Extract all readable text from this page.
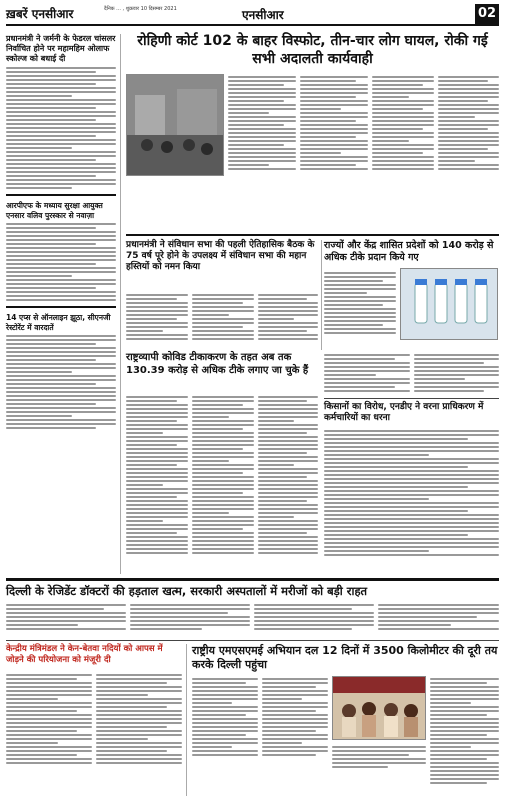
ख़बरें एनसीआर	दैनिक ... , शुक्रवार 10 दिसम्बर 2021	एनसीआर	02
प्रधानमंत्री ने जर्मनी के फेडरल चांसलर निर्वाचित होने पर महामहिम ओलाफ स्कोल्ज को बधाई दी
आरपीएफ के मध्याय सुरक्षा आयुक्त एनसार वलिव पुरस्कार से नवाज़ा
14 एप्स से ऑनलाइन झूठा, सीएनजी रेस्टोरेंट में वारदातें
रोहिणी कोर्ट 102 के बाहर विस्फोट, तीन-चार लोग घायल, रोकी गई सभी अदालती कार्यवाही
प्रधानमंत्री ने संविधान सभा की पहली ऐतिहासिक बैठक के 75 वर्ष पूरे होने के उपलक्ष्य में संविधान सभा की महान हस्तियों को नमन किया
राज्यों और केंद्र शासित प्रदेशों को 140 करोड़ से अधिक टीके प्रदान किये गए
राष्ट्रव्यापी कोविड टीकाकरण के तहत अब तक 130.39 करोड़ से अधिक टीके लगाए जा चुके हैं
किसानों का विरोध, एनडीए ने वरना प्राधिकरण में कर्मचारियों का धरना
दिल्ली के रेजिडेंट डॉक्टरों की हड़ताल खत्म, सरकारी अस्पतालों में मरीजों को बड़ी राहत
केन्द्रीय मंत्रिमंडल ने केन-बेतवा नदियों को आपस में जोड़ने की परियोजना को मंजूरी दी
राष्ट्रीय एमएसएमई अभियान दल 12 दिनों में 3500 किलोमीटर की दूरी तय करके दिल्ली पहुंचा
